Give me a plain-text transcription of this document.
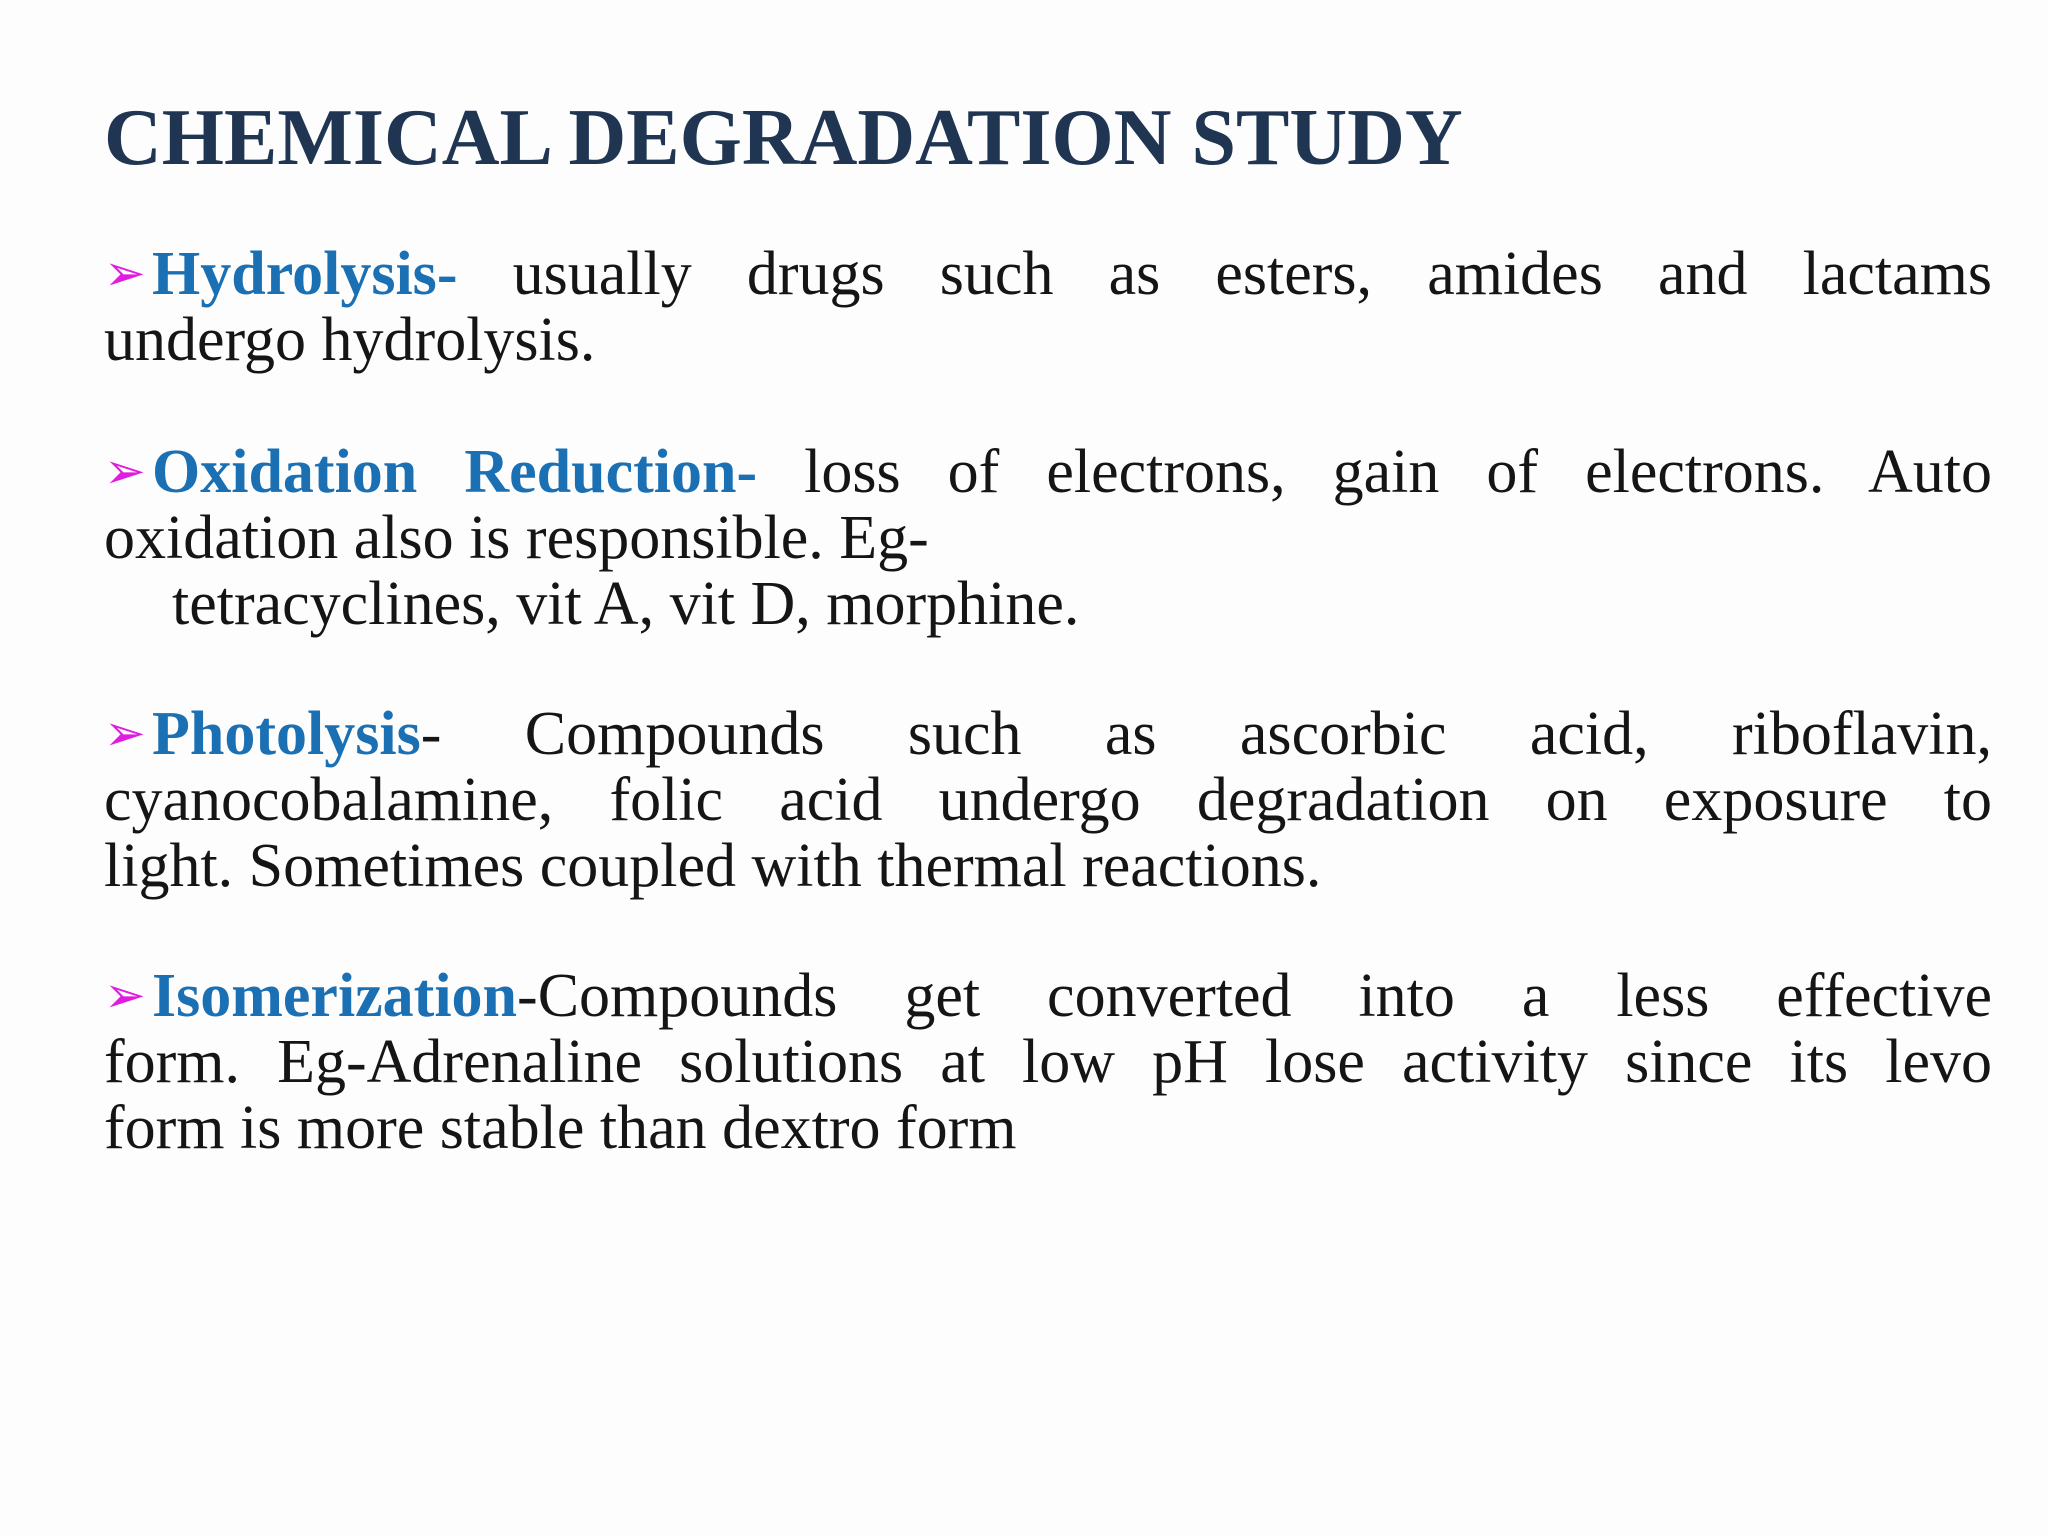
CHEMICAL DEGRADATION STUDY
➢Hydrolysis- usually drugs such as esters, amides and lactams
undergo hydrolysis.
➢Oxidation Reduction- loss of electrons, gain of electrons. Auto
oxidation also is responsible. Eg-
tetracyclines, vit A, vit D, morphine.
➢Photolysis- Compounds such as ascorbic acid, riboflavin,
cyanocobalamine, folic acid undergo degradation on exposure to
light. Sometimes coupled with thermal reactions.
➢Isomerization-Compounds get converted into a less effective
form. Eg-Adrenaline solutions at low pH lose activity since its levo
form is more stable than dextro form
